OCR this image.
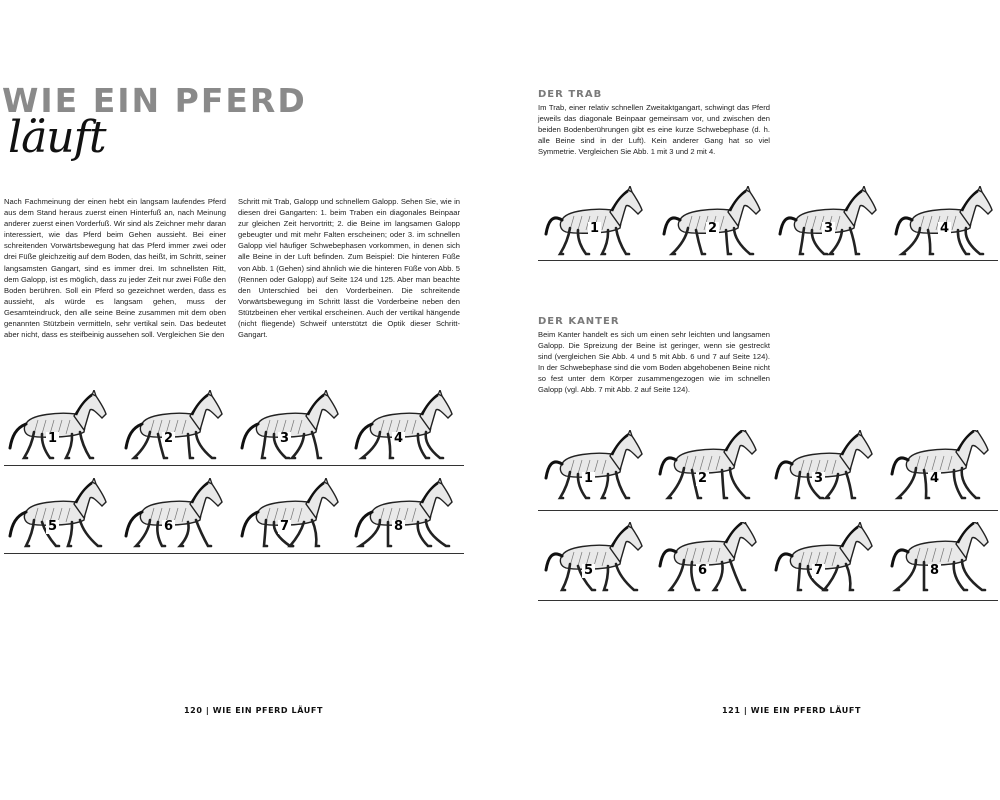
WIE EIN PFERD
läuft
Nach Fachmeinung der einen hebt ein langsam laufendes Pferd aus dem Stand heraus zuerst einen Hinterfuß an, nach Meinung anderer zuerst einen Vorderfuß. Wir sind als Zeichner mehr daran interessiert, wie das Pferd beim Gehen aussieht. Bei einer schreitenden Vorwärtsbewegung hat das Pferd immer zwei oder drei Füße gleichzeitig auf dem Boden, das heißt, im Schritt, seiner langsamsten Gangart, sind es immer drei. Im schnellsten Ritt, dem Galopp, ist es möglich, dass zu jeder Zeit nur zwei Füße den Boden berühren. Soll ein Pferd so gezeichnet werden, dass es aussieht, als würde es langsam gehen, muss der Gesamteindruck, den alle seine Beine zusammen mit dem oben genannten Stützbein vermitteln, sehr vertikal sein. Das bedeutet aber nicht, dass es steifbeinig aussehen soll. Vergleichen Sie den
Schritt mit Trab, Galopp und schnellem Galopp. Sehen Sie, wie in diesen drei Gangarten: 1. beim Traben ein diagonales Beinpaar zur gleichen Zeit hervortritt; 2. die Beine im langsamen Galopp gebeugter und mit mehr Falten erscheinen; oder 3. im schnellen Galopp viel häufiger Schwebephasen vorkommen, in denen sich alle Beine in der Luft befinden. Zum Beispiel: Die hinteren Füße von Abb. 1 (Gehen) sind ähnlich wie die hinteren Füße von Abb. 5 (Rennen oder Galopp) auf Seite 124 und 125. Aber man beachte den Unterschied bei den Vorderbeinen. Die schreitende Vorwärtsbewegung im Schritt lässt die Vorderbeine neben den Stützbeinen eher vertikal erscheinen. Auch der vertikal hängende (nicht fliegende) Schweif unterstützt die Optik dieser Schritt-Gangart.
1	2	3	4
5	6	7	8
120 | WIE EIN PFERD LÄUFT
DER TRAB
Im Trab, einer relativ schnellen Zweitaktgangart, schwingt das Pferd jeweils das diagonale Beinpaar gemeinsam vor, und zwischen den beiden Bodenberührungen gibt es eine kurze Schwebephase (d. h. alle Beine sind in der Luft). Kein anderer Gang hat so viel Symmetrie. Vergleichen Sie Abb. 1 mit 3 und 2 mit 4.
1	2	3	4
DER KANTER
Beim Kanter handelt es sich um einen sehr leichten und langsamen Galopp. Die Spreizung der Beine ist geringer, wenn sie gestreckt sind (vergleichen Sie Abb. 4 und 5 mit Abb. 6 und 7 auf Seite 124). In der Schwebephase sind die vom Boden abgehobenen Beine nicht so fest unter dem Körper zusammengezogen wie im schnellen Galopp (vgl. Abb. 7 mit Abb. 2 auf Seite 124).
1	2	3	4
5	6	7	8
121 | WIE EIN PFERD LÄUFT
